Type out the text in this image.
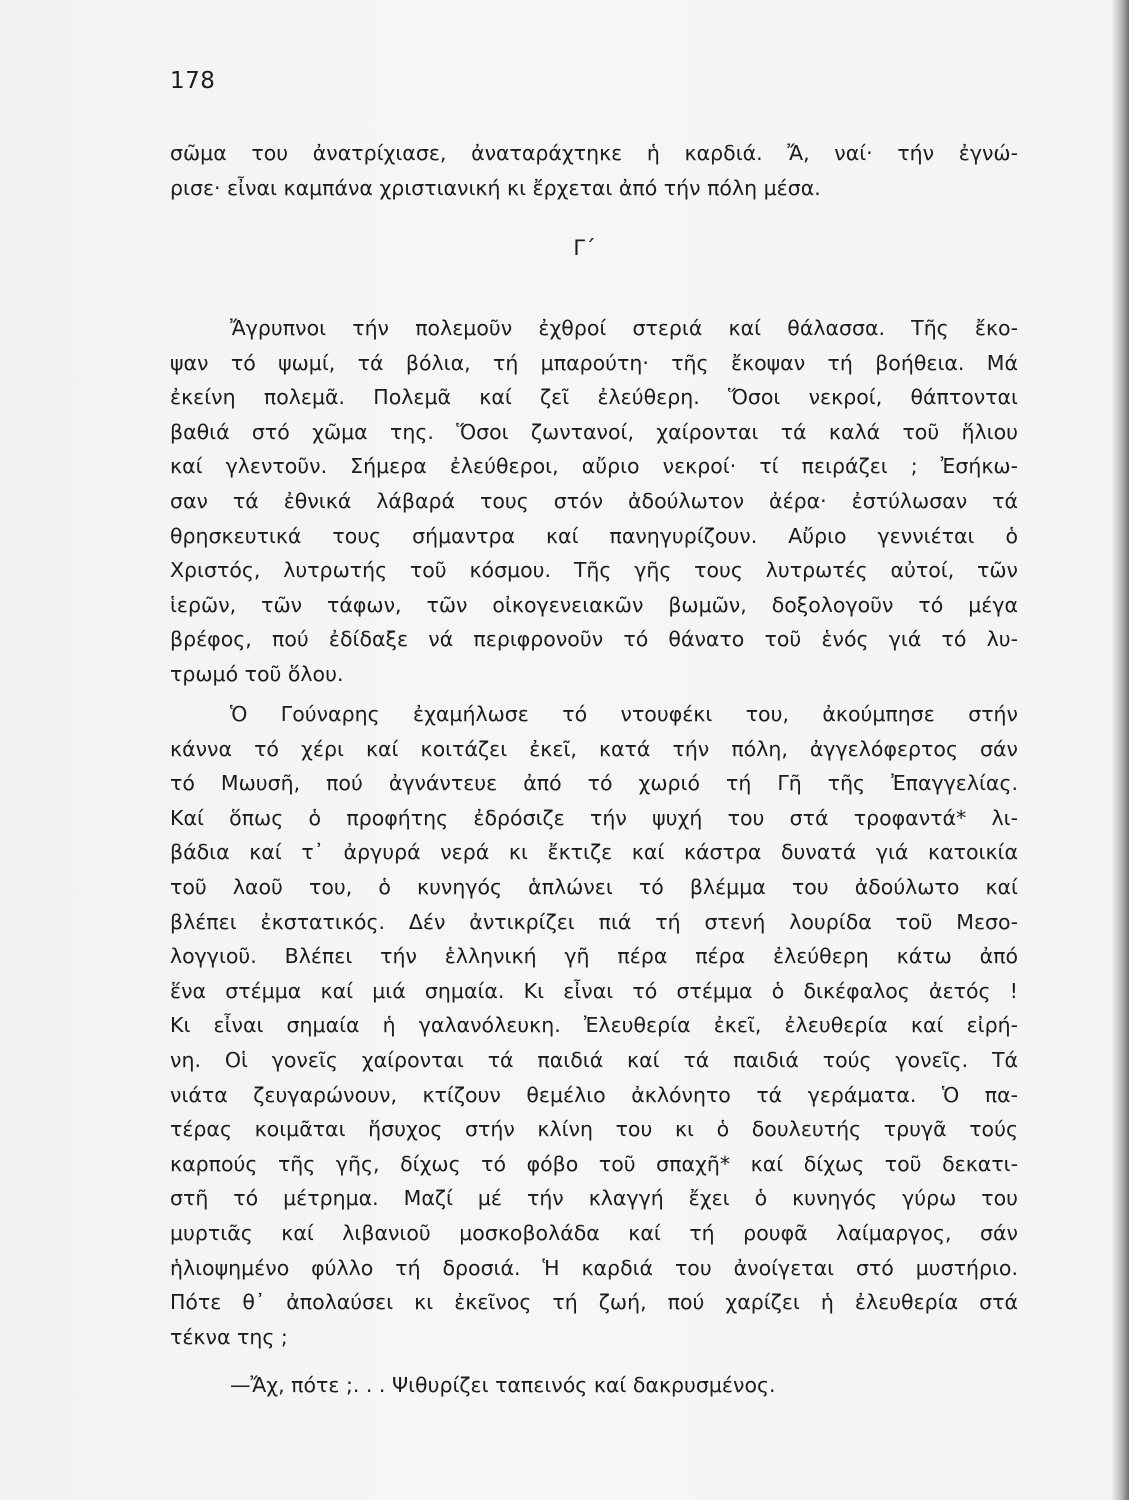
178
σῶμα του ἀνατρίχιασε, ἀναταράχτηκε ἡ καρδιά. Ἄ, ναί· τήν ἐγνώ-
ρισε· εἶναι καμπάνα χριστιανική κι ἔρχεται ἀπό τήν πόλη μέσα.
Γ΄
Ἄγρυπνοι τήν πολεμοῦν ἐχθροί στεριά καί θάλασσα. Τῆς ἔκο-
ψαν τό ψωμί, τά βόλια, τή μπαρούτη· τῆς ἔκοψαν τή βοήθεια. Μά
ἐκείνη πολεμᾶ. Πολεμᾶ καί ζεῖ ἐλεύθερη. Ὅσοι νεκροί, θάπτονται
βαθιά στό χῶμα της. Ὅσοι ζωντανοί, χαίρονται τά καλά τοῦ ἥλιου
καί γλεντοῦν. Σήμερα ἐλεύθεροι, αὔριο νεκροί· τί πειράζει ; Ἐσήκω-
σαν τά ἐθνικά λάβαρά τους στόν ἀδούλωτον ἀέρα· ἐστύλωσαν τά
θρησκευτικά τους σήμαντρα καί πανηγυρίζουν. Αὔριο γεννιέται ὁ
Χριστός, λυτρωτής τοῦ κόσμου. Τῆς γῆς τους λυτρωτές αὐτοί, τῶν
ἱερῶν, τῶν τάφων, τῶν οἰκογενειακῶν βωμῶν, δοξολογοῦν τό μέγα
βρέφος, πού ἐδίδαξε νά περιφρονοῦν τό θάνατο τοῦ ἑνός γιά τό λυ-
τρωμό τοῦ ὅλου.
Ὁ Γούναρης ἐχαμήλωσε τό ντουφέκι του, ἀκούμπησε στήν
κάννα τό χέρι καί κοιτάζει ἐκεῖ, κατά τήν πόλη, ἀγγελόφερτος σάν
τό Μωυσῆ, πού ἀγνάντευε ἀπό τό χωριό τή Γῆ τῆς Ἐπαγγελίας.
Καί ὅπως ὁ προφήτης ἐδρόσιζε τήν ψυχή του στά τροφαντά* λι-
βάδια καί τ᾽ ἀργυρά νερά κι ἔκτιζε καί κάστρα δυνατά γιά κατοικία
τοῦ λαοῦ του, ὁ κυνηγός ἁπλώνει τό βλέμμα του ἀδούλωτο καί
βλέπει ἐκστατικός. Δέν ἀντικρίζει πιά τή στενή λουρίδα τοῦ Μεσο-
λογγιοῦ. Βλέπει τήν ἑλληνική γῆ πέρα πέρα ἐλεύθερη κάτω ἀπό
ἕνα στέμμα καί μιά σημαία. Κι εἶναι τό στέμμα ὁ δικέφαλος ἀετός !
Κι εἶναι σημαία ἡ γαλανόλευκη. Ἐλευθερία ἐκεῖ, ἐλευθερία καί εἰρή-
νη. Οἱ γονεῖς χαίρονται τά παιδιά καί τά παιδιά τούς γονεῖς. Τά
νιάτα ζευγαρώνουν, κτίζουν θεμέλιο ἀκλόνητο τά γεράματα. Ὁ πα-
τέρας κοιμᾶται ἥσυχος στήν κλίνη του κι ὁ δουλευτής τρυγᾶ τούς
καρπούς τῆς γῆς, δίχως τό φόβο τοῦ σπαχῆ* καί δίχως τοῦ δεκατι-
στῆ τό μέτρημα. Μαζί μέ τήν κλαγγή ἔχει ὁ κυνηγός γύρω του
μυρτιᾶς καί λιβανιοῦ μοσκοβολάδα καί τή ρουφᾶ λαίμαργος, σάν
ἡλιοψημένο φύλλο τή δροσιά. Ἡ καρδιά του ἀνοίγεται στό μυστήριο.
Πότε θ᾽ ἀπολαύσει κι ἐκεῖνος τή ζωή, πού χαρίζει ἡ ἐλευθερία στά
τέκνα της ;
—Ἄχ, πότε ;. . . Ψιθυρίζει ταπεινός καί δακρυσμένος.
